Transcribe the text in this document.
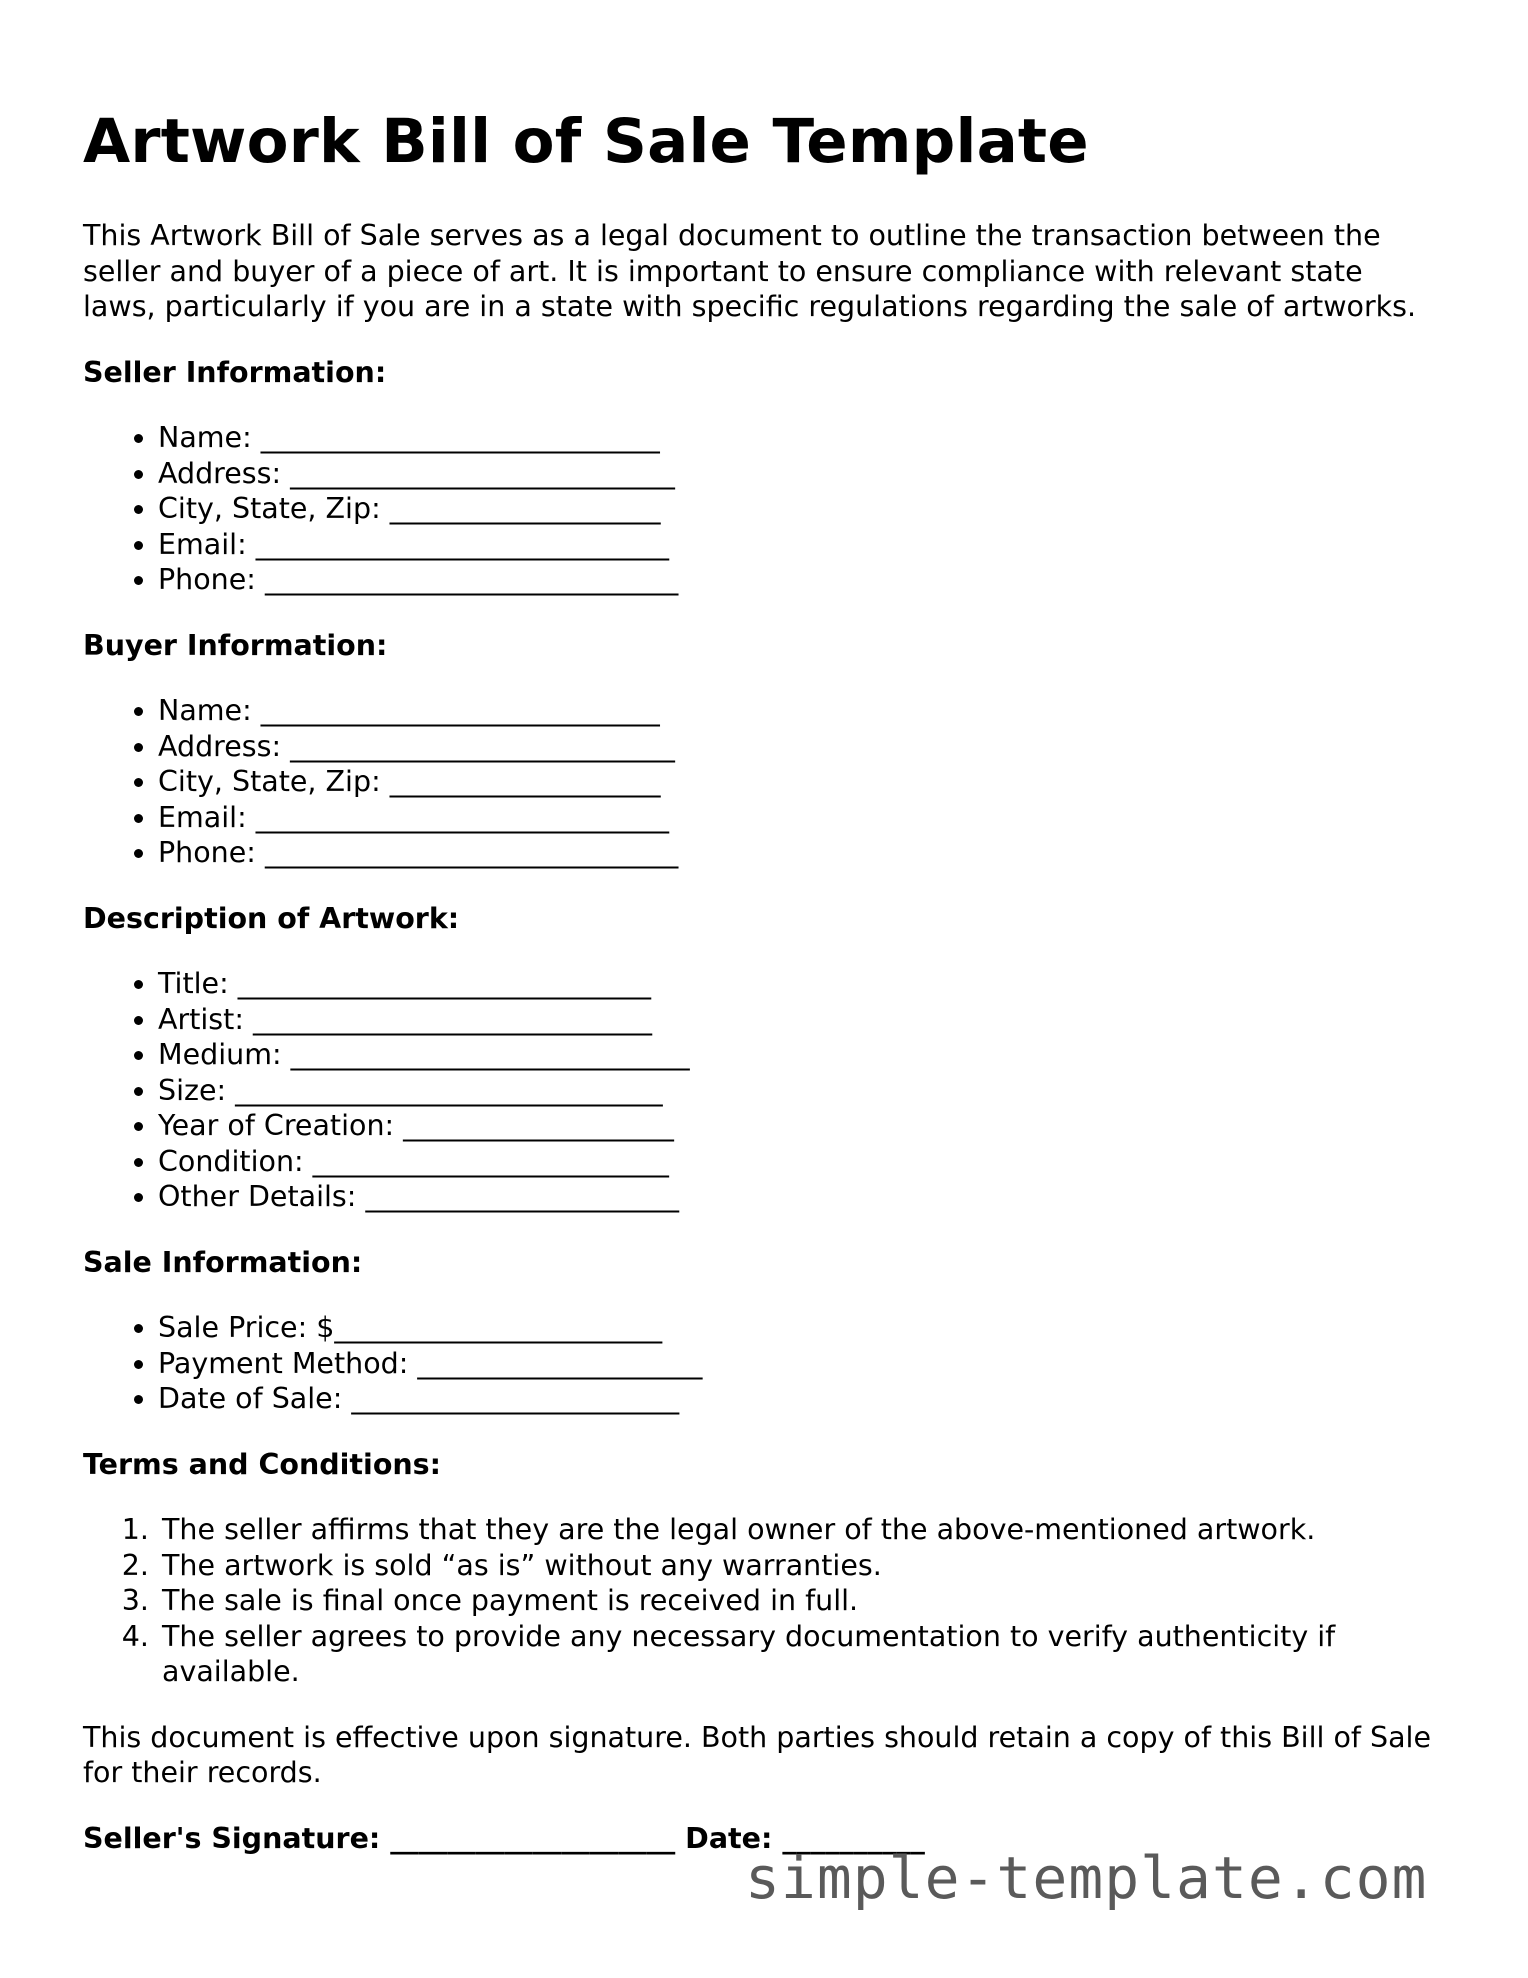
Artwork Bill of Sale Template

This Artwork Bill of Sale serves as a legal document to outline the transaction between the seller and buyer of a piece of art. It is important to ensure compliance with relevant state laws, particularly if you are in a state with specific regulations regarding the sale of artworks.

Seller Information:
• Name: ____________________________
• Address: ___________________________
• City, State, Zip: ___________________
• Email: _____________________________
• Phone: _____________________________
Buyer Information:
• Name: ____________________________
• Address: ___________________________
• City, State, Zip: ___________________
• Email: _____________________________
• Phone: _____________________________
Description of Artwork:
• Title: _____________________________
• Artist: ____________________________
• Medium: ____________________________
• Size: ______________________________
• Year of Creation: ___________________
• Condition: _________________________
• Other Details: ______________________
Sale Information:
• Sale Price: $_______________________
• Payment Method: ____________________
• Date of Sale: _______________________
Terms and Conditions:
1. The seller affirms that they are the legal owner of the above-mentioned artwork.
2. The artwork is sold “as is” without any warranties.
3. The sale is final once payment is received in full.
4. The seller agrees to provide any necessary documentation to verify authenticity if available.

This document is effective upon signature. Both parties should retain a copy of this Bill of Sale for their records.

Seller's Signature: ____________________ Date: __________
simple-template.com
